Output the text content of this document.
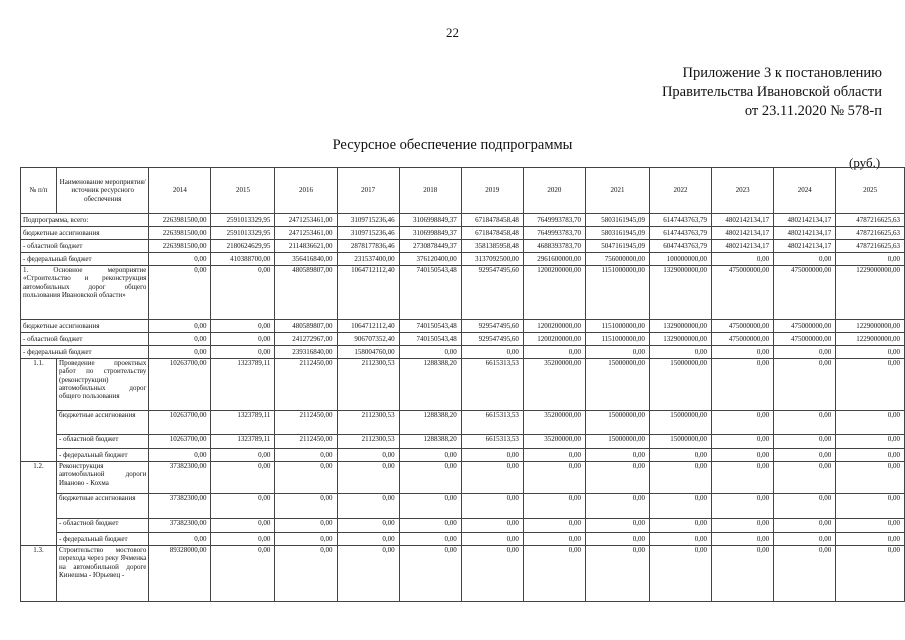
22
Приложение 3 к постановлению
Правительства Ивановской области
от 23.11.2020 № 578-п
Ресурсное обеспечение подпрограммы
(руб.)
№ п/п	Наименование мероприятия/источник ресурсного обеспечения	2014	2015	2016	2017	2018	2019	2020	2021	2022	2023	2024	2025
Подпрограмма, всего:		2263981500,00	2591013329,95	2471253461,00	3109715236,46	3106998849,37	6718478458,48	7649993783,70	5803161945,09	6147443763,79	4802142134,17	4802142134,17	4787216625,63
бюджетные ассигнования		2263981500,00	2591013329,95	2471253461,00	3109715236,46	3106998849,37	6718478458,48	7649993783,70	5803161945,09	6147443763,79	4802142134,17	4802142134,17	4787216625,63
- областной бюджет		2263981500,00	2180624629,95	2114836621,00	2878177836,46	2730878449,37	3581385958,48	4688393783,70	5047161945,09	6047443763,79	4802142134,17	4802142134,17	4787216625,63
- федеральный бюджет		0,00	410388700,00	356416840,00	231537400,00	376120400,00	3137092500,00	2961600000,00	756000000,00	100000000,00	0,00	0,00	0,00
1. Основное мероприятие «Строительство и реконструкция автомобильных дорог общего пользования Ивановской области»		0,00	0,00	480589807,00	1064712112,40	740150543,48	929547495,60	1200200000,00	1151000000,00	1329000000,00	475000000,00	475000000,00	1229000000,00
бюджетные ассигнования		0,00	0,00	480589807,00	1064712112,40	740150543,48	929547495,60	1200200000,00	1151000000,00	1329000000,00	475000000,00	475000000,00	1229000000,00
- областной бюджет		0,00	0,00	241272967,00	906707352,40	740150543,48	929547495,60	1200200000,00	1151000000,00	1329000000,00	475000000,00	475000000,00	1229000000,00
- федеральный бюджет		0,00	0,00	239316840,00	158004760,00	0,00	0,00	0,00	0,00	0,00	0,00	0,00	0,00
1.1.	Проведение проектных работ по строительству (реконструкции) автомобильных дорог общего пользования	10263700,00	1323789,11	2112450,00	2112300,53	1288388,20	6615313,53	35200000,00	15000000,00	15000000,00	0,00	0,00	0,00
	бюджетные ассигнования	10263700,00	1323789,11	2112450,00	2112300,53	1288388,20	6615313,53	35200000,00	15000000,00	15000000,00	0,00	0,00	0,00
	- областной бюджет	10263700,00	1323789,11	2112450,00	2112300,53	1288388,20	6615313,53	35200000,00	15000000,00	15000000,00	0,00	0,00	0,00
	- федеральный бюджет	0,00	0,00	0,00	0,00	0,00	0,00	0,00	0,00	0,00	0,00	0,00	0,00
1.2.	Реконструкция автомобильной дороги Иваново - Кохма	37382300,00	0,00	0,00	0,00	0,00	0,00	0,00	0,00	0,00	0,00	0,00	0,00
	бюджетные ассигнования	37382300,00	0,00	0,00	0,00	0,00	0,00	0,00	0,00	0,00	0,00	0,00	0,00
	- областной бюджет	37382300,00	0,00	0,00	0,00	0,00	0,00	0,00	0,00	0,00	0,00	0,00	0,00
	- федеральный бюджет	0,00	0,00	0,00	0,00	0,00	0,00	0,00	0,00	0,00	0,00	0,00	0,00
1.3.	Строительство мостового перехода через реку Ячменка на автомобильной дороге Кинешма - Юрьевец -	89328000,00	0,00	0,00	0,00	0,00	0,00	0,00	0,00	0,00	0,00	0,00	0,00
